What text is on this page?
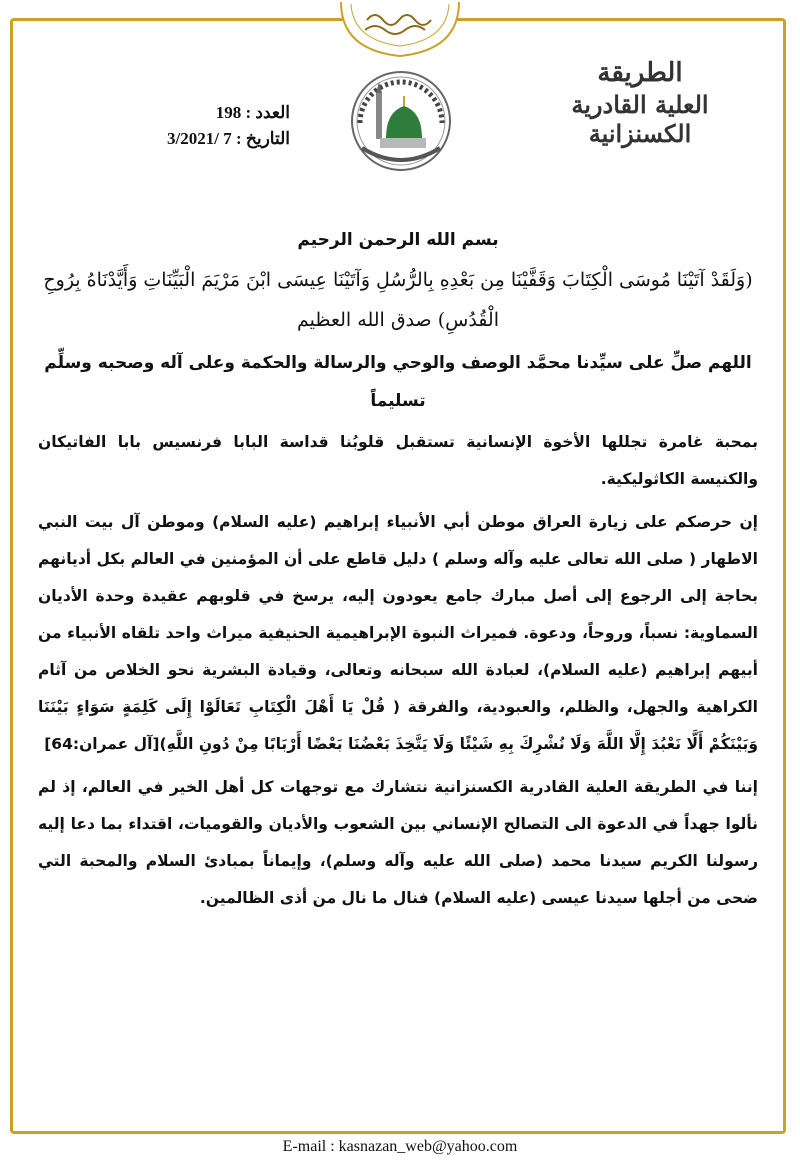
الطريقة
العلية القادرية الكسنزانية
العدد : 198
التاريخ : 7 /3/2021

بسم الله الرحمن الرحيم

(وَلَقَدْ آتَيْنَا مُوسَى الْكِتَابَ وَقَفَّيْنَا مِن بَعْدِهِ بِالرُّسُلِ وَآتَيْنَا عِيسَى ابْنَ مَرْيَمَ الْبَيِّنَاتِ وَأَيَّدْنَاهُ بِرُوحِ الْقُدُسِ) صدق الله العظيم

اللهم صلِّ على سيِّدنا محمَّد الوصف والوحي والرسالة والحكمة وعلى آله وصحبه وسلِّم تسليماً

بمحبة غامرة تجللها الأخوة الإنسانية تستقبل قلوبُنا قداسة البابا فرنسيس بابا الفاتيكان والكنيسة الكاثوليكية.

إن حرصكم على زيارة العراق موطن أبي الأنبياء إبراهيم (عليه السلام) وموطن آل بيت النبي الاطهار ( صلى الله تعالى عليه وآله وسلم ) دليل قاطع على أن المؤمنين في العالم بكل أديانهم بحاجة إلى الرجوع إلى أصل مبارك جامع يعودون إليه، يرسخ في قلوبهم عقيدة وحدة الأديان السماوية: نسباً، وروحاً، ودعوة. فميراث النبوة الإبراهيمية الحنيفية ميراث واحد تلقاه الأنبياء من أبيهم إبراهيم (عليه السلام)، لعبادة الله سبحانه وتعالى، وقيادة البشرية نحو الخلاص من آثام الكراهية والجهل، والظلم، والعبودية، والفرقة ( قُلْ يَا أَهْلَ الْكِتَابِ تَعَالَوْا إِلَى كَلِمَةٍ سَوَاءٍ بَيْنَنَا وَبَيْنَكُمْ أَلَّا نَعْبُدَ إِلَّا اللَّهَ وَلَا نُشْرِكَ بِهِ شَيْئًا وَلَا يَتَّخِذَ بَعْضُنَا بَعْضًا أَرْبَابًا مِنْ دُونِ اللَّهِ)[آل عمران:64]

إننا في الطريقة العلية القادرية الكسنزانية نتشارك مع توجهات كل أهل الخير في العالم، إذ لم نألوا جهداً في الدعوة الى التصالح الإنساني بين الشعوب والأديان والقوميات، اقتداء بما دعا إليه رسولنا الكريم سيدنا محمد (صلى الله عليه وآله وسلم)، وإيماناً بمبادئ السلام والمحبة التي ضحى من أجلها سيدنا عيسى (عليه السلام) فنال ما نال من أذى الظالمين.

E-mail : kasnazan_web@yahoo.com
